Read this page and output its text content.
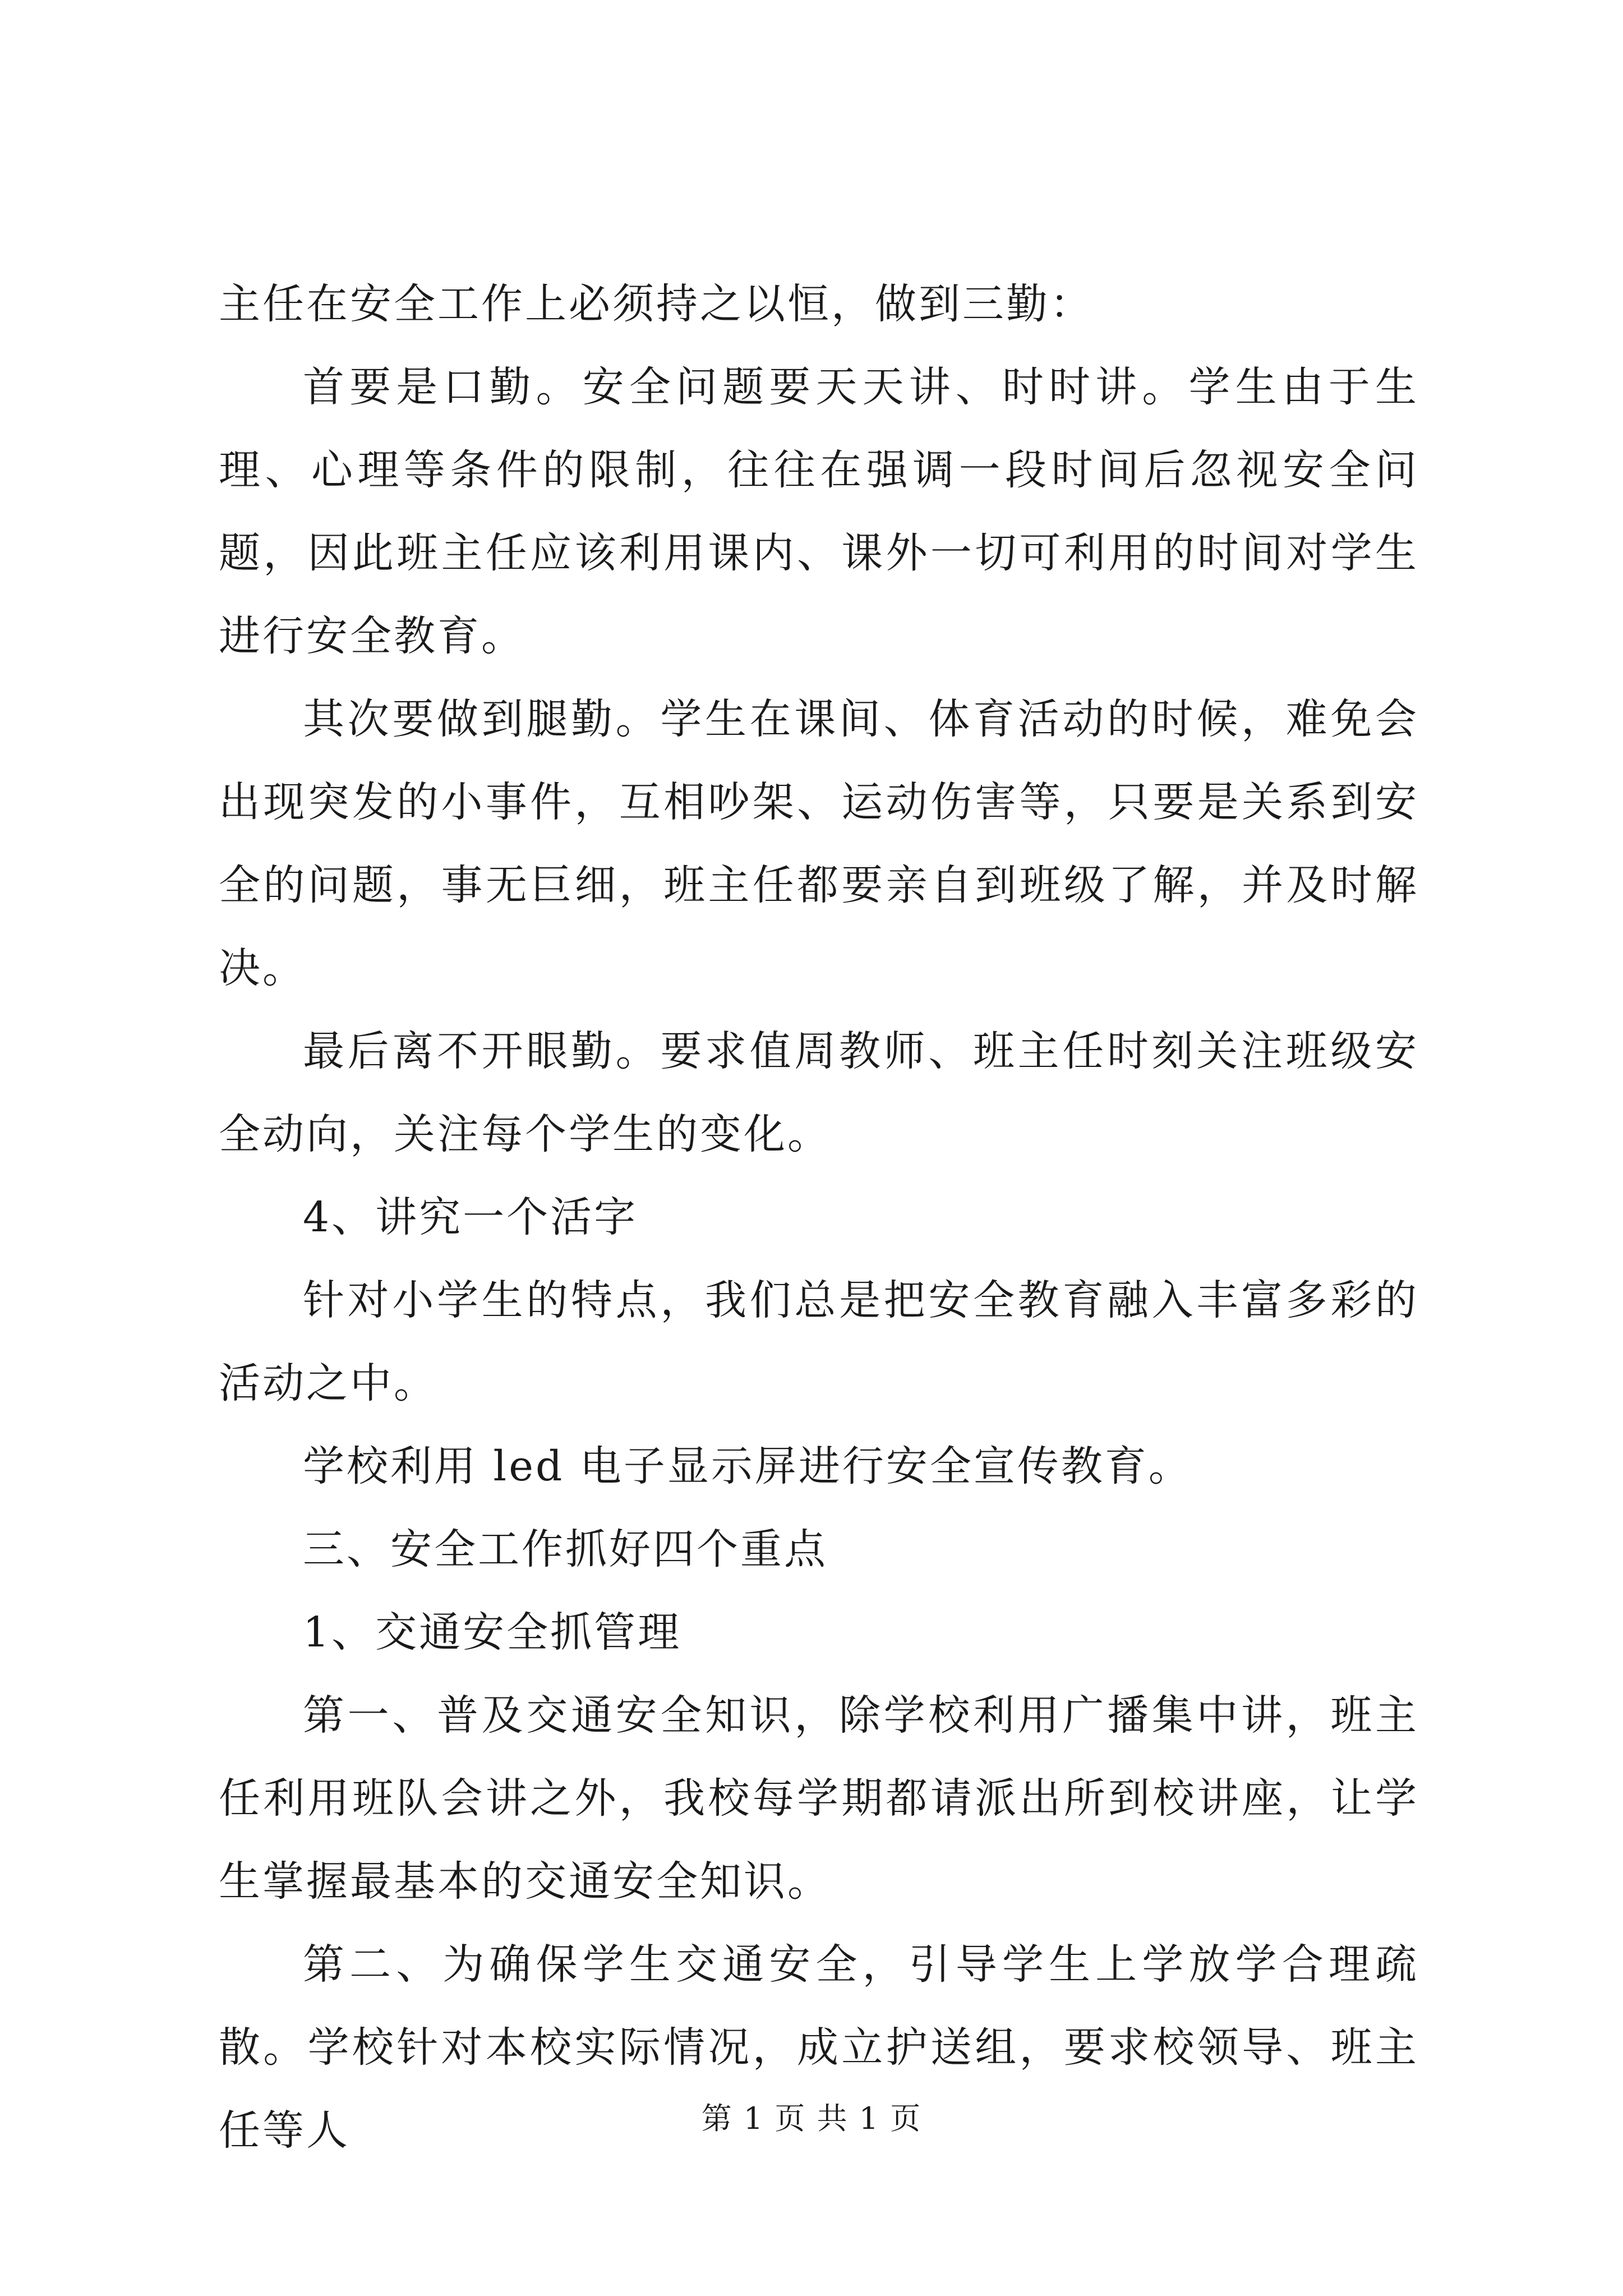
主任在安全工作上必须持之以恒，做到三勤：

首要是口勤。安全问题要天天讲、时时讲。学生由于生理、心理等条件的限制，往往在强调一段时间后忽视安全问题，因此班主任应该利用课内、课外一切可利用的时间对学生进行安全教育。

其次要做到腿勤。学生在课间、体育活动的时候，难免会出现突发的小事件，互相吵架、运动伤害等，只要是关系到安全的问题，事无巨细，班主任都要亲自到班级了解，并及时解决。

最后离不开眼勤。要求值周教师、班主任时刻关注班级安全动向，关注每个学生的变化。

4、讲究一个活字

针对小学生的特点，我们总是把安全教育融入丰富多彩的活动之中。

学校利用 led 电子显示屏进行安全宣传教育。

三、安全工作抓好四个重点

1、交通安全抓管理

第一、普及交通安全知识，除学校利用广播集中讲，班主任利用班队会讲之外，我校每学期都请派出所到校讲座，让学生掌握最基本的交通安全知识。

第二、为确保学生交通安全，引导学生上学放学合理疏散。学校针对本校实际情况，成立护送组，要求校领导、班主任等人	第 1 页 共 1 页
